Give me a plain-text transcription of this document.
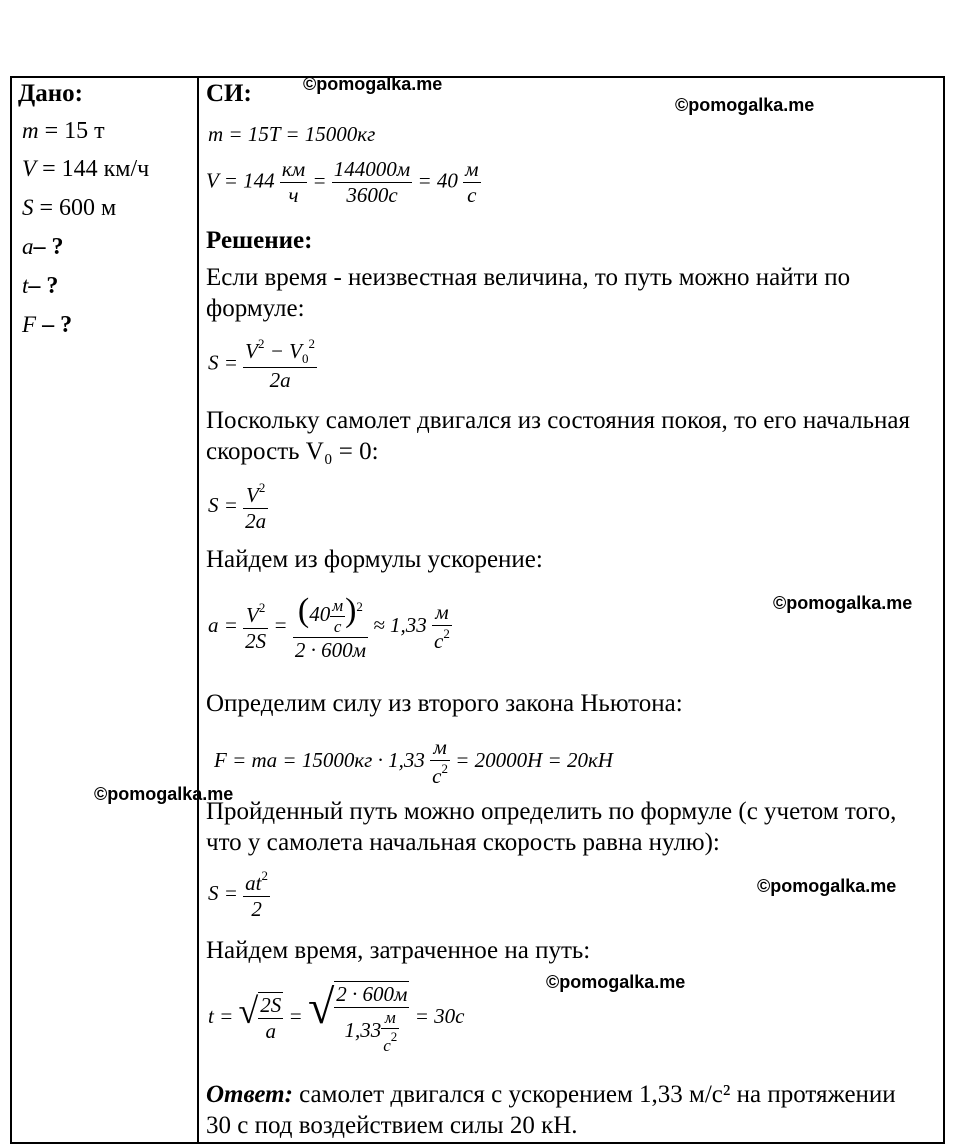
Дано:
m = 15 т
V = 144 км/ч
S = 600 м
a– ?
t– ?
F – ?
СИ:
m = 15T = 15000кг
$V = 144 \frac{км}{ч} = \frac{144000м}{3600с} = 40 \frac{м}{с}$
Решение:
Если время - неизвестная величина, то путь можно найти по формуле:
$S = \frac{V^2 - V_0^2}{2a}$
Поскольку самолет двигался из состояния покоя, то его начальная скорость V₀ = 0:
$S = \frac{V^2}{2a}$
Найдем из формулы ускорение:
$a = \frac{V^2}{2S} = \frac{(40 \frac{м}{с} )^2}{2 \cdot 600м} \approx 1,33 \frac{м}{с^2}$
Определим силу из второго закона Ньютона:
F = ma = $15000кг \cdot 1,33 \frac{м}{с^2} = 20000H = 20кH$
Пройденный путь можно определить по формуле (с учетом того, что у самолета начальная скорость равна нулю):
$S = \frac{at^2}{2}$
Найдем время, затраченное на путь:
t = √ $\frac{2S}{a}$ = √ $\frac{2 \cdot 600м}{1,33 \frac{м}{с^2}} = 30с$
Ответ: самолет двигался с ускорением 1,33 м/с² на протяжении 30 с под воздействием силы 20 кН.
©pomogalka.me
©pomogalka.me
©pomogalka.me
©pomogalka.me
©pomogalka.me
©pomogalka.me
